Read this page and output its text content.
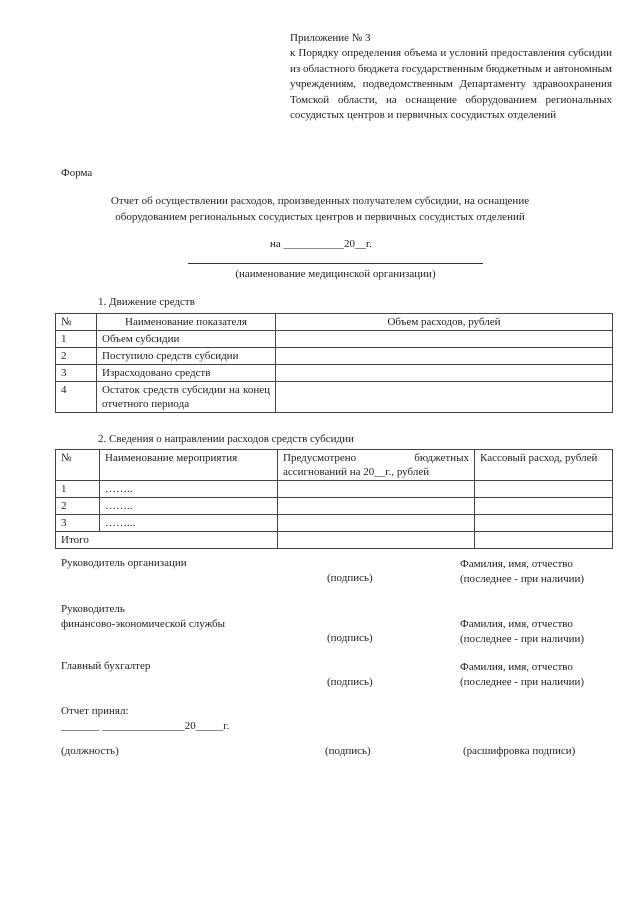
Приложение № 3
к Порядку определения объема и условий предоставления субсидии из областного бюджета государственным бюджетным и автономным учреждениям, подведомственным Департаменту здравоохранения Томской области, на оснащение оборудованием региональных сосудистых центров и первичных сосудистых отделений
Форма
Отчет об осуществлении расходов, произведенных получателем субсидии, на оснащение
оборудованием региональных сосудистых центров и первичных сосудистых отделений
на ___________20__г.
(наименование медицинской организации)
1. Движение средств
№	Наименование показателя	Объем расходов, рублей
1	Объем субсидии	
2	Поступило средств субсидии	
3	Израсходовано средств	
4	Остаток средств субсидии на конец отчетного периода	
2. Сведения о направлении расходов средств субсидии
№	Наименование мероприятия	Предусмотрено бюджетных ассигнований на 20__г., рублей	Кассовый расход, рублей
1	……..		
2	……..		
3	……...		
Итого			
Руководитель организации	Фамилия, имя, отчество
(последнее - при наличии)
(подпись)
Руководитель
финансово-экономической службы	Фамилия, имя, отчество
(последнее - при наличии)
(подпись)
Главный бухгалтер	Фамилия, имя, отчество
(последнее - при наличии)
(подпись)
Отчет принял:
_______ _______________20_____г.
(должность)	(подпись)	(расшифровка подписи)
